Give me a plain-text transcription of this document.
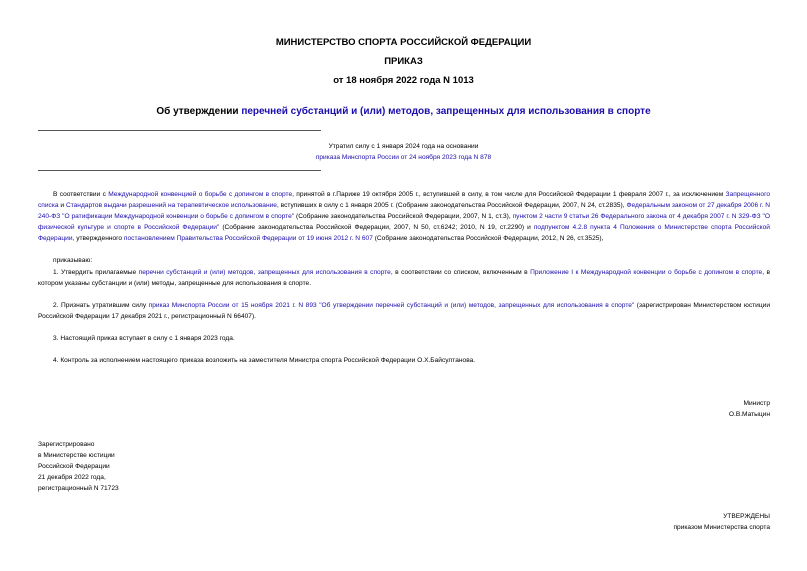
МИНИСТЕРСТВО СПОРТА РОССИЙСКОЙ ФЕДЕРАЦИИ
ПРИКАЗ
от 18 ноября 2022 года N 1013
Об утверждении перечней субстанций и (или) методов, запрещенных для использования в спорте
Утратил силу с 1 января 2024 года на основании
приказа Минспорта России от 24 ноября 2023 года N 878

В соответствии с Международной конвенцией о борьбе с допингом в спорте, принятой в г.Париже 19 октября 2005 г., вступившей в силу, в том числе для Российской Федерации 1 февраля 2007 г., за исключением Запрещенного списка и Стандартов выдачи разрешений на терапевтическое использование, вступивших в силу с 1 января 2005 г. (Собрание законодательства Российской Федерации, 2007, N 24, ст.2835), Федеральным законом от 27 декабря 2006 г. N 240-ФЗ "О ратификации Международной конвенции о борьбе с допингом в спорте" (Собрание законодательства Российской Федерации, 2007, N 1, ст.3), пунктом 2 части 9 статьи 26 Федерального закона от 4 декабря 2007 г. N 329-ФЗ "О физической культуре и спорте в Российской Федерации" (Собрание законодательства Российской Федерации, 2007, N 50, ст.6242; 2010, N 19, ст.2290) и подпунктом 4.2.8 пункта 4 Положения о Министерстве спорта Российской Федерации, утвержденного постановлением Правительства Российской Федерации от 19 июня 2012 г. N 607 (Собрание законодательства Российской Федерации, 2012, N 26, ст.3525),

приказываю:

1. Утвердить прилагаемые перечни субстанций и (или) методов, запрещенных для использования в спорте, в соответствии со списком, включенным в Приложение I к Международной конвенции о борьбе с допингом в спорте, в котором указаны субстанции и (или) методы, запрещенные для использования в спорте.

2. Признать утратившим силу приказ Минспорта России от 15 ноября 2021 г. N 893 "Об утверждении перечней субстанций и (или) методов, запрещенных для использования в спорте" (зарегистрирован Министерством юстиции Российской Федерации 17 декабря 2021 г., регистрационный N 66407).

3. Настоящий приказ вступает в силу с 1 января 2023 года.

4. Контроль за исполнением настоящего приказа возложить на заместителя Министра спорта Российской Федерации О.Х.Байсултанова.

Министр
О.В.Матыцин
Зарегистрировано
в Министерстве юстиции
Российской Федерации
21 декабря 2022 года,
регистрационный N 71723
УТВЕРЖДЕНЫ
приказом Министерства спорта
